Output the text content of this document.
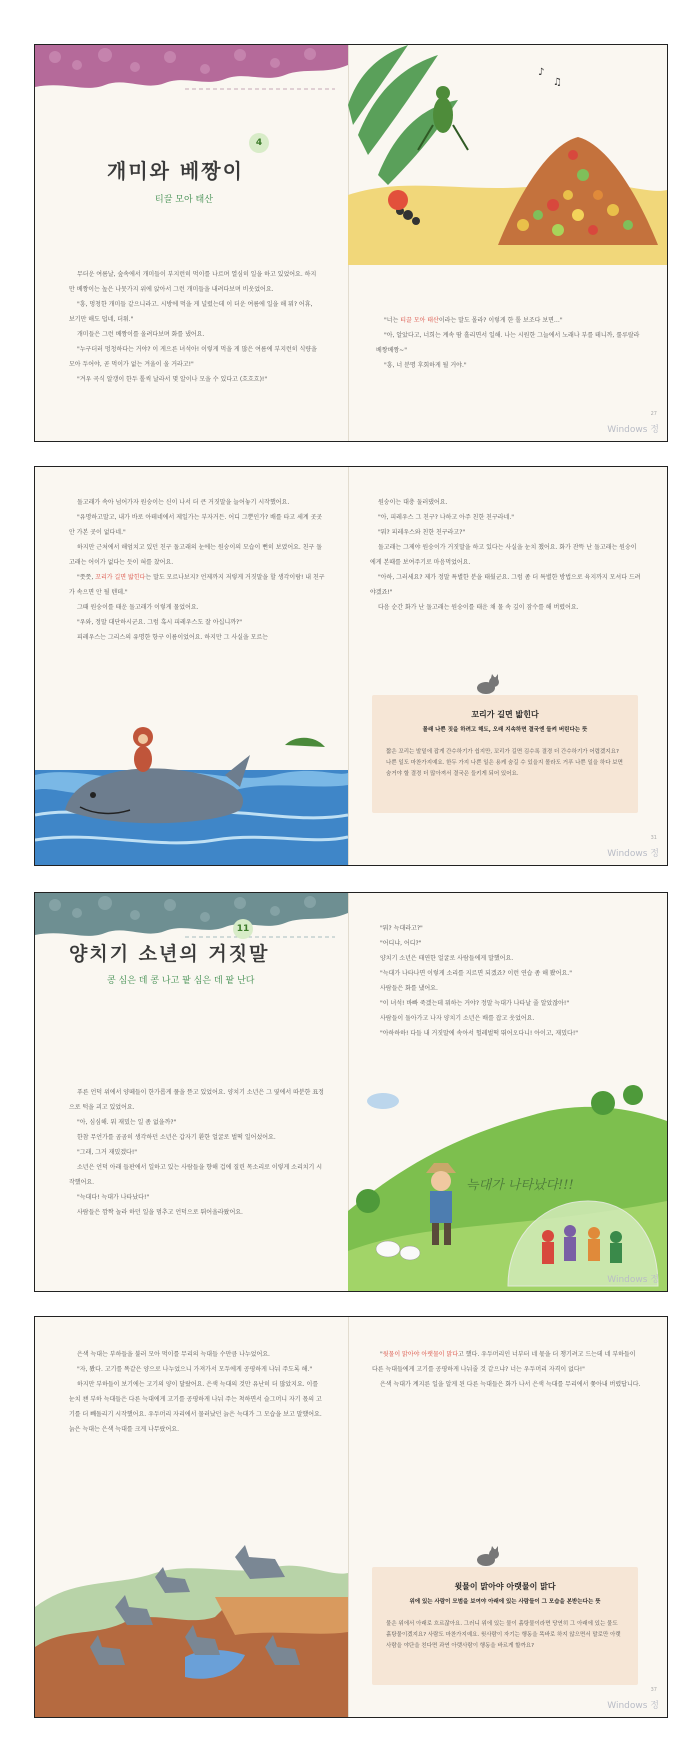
4
개미와 베짱이
티끌 모아 태산

무더운 여름날, 숲속에서 개미들이 부지런히 먹이를 나르며 열심히 일을 하고 있었어요. 하지만 베짱이는 높은 나뭇가지 위에 앉아서 그런 개미들을 내려다보며 비웃었어요.

"흥, 멍청한 개미들 같으니라고. 시방에 먹을 게 널렸는데 이 더운 여름에 일을 해 뭐? 어휴, 보기만 해도 덥네, 더워."

개미들은 그런 베짱이를 올려다보며 화를 냈어요.

"누구더러 멍청하다는 거야? 이 게으른 녀석아! 이렇게 먹을 게 많은 여름에 부지런히 식량을 모아 두어야, 곧 먹이가 없는 겨울이 올 거라고!"

"겨우 곡식 알갱이 한두 톨씩 날라서 몇 알이나 모을 수 있다고 (흐흐흐)!"

♪
♫

"너는 티끌 모아 태산이라는 말도 몰라? 이렇게 한 톨 보조다 보면…"

"아, 알았다고, 너희는 계속 땀 흘리면서 일해. 나는 시원한 그늘에서 노래나 부를 테니까, 룰루랄라 베짱베짱~"

"흥, 너 분명 후회하게 될 거야."

27
Windows 정

돌고래가 속아 넘어가자 원숭이는 신이 나서 더 큰 거짓말을 늘어놓기 시작했어요.

"유명하고말고, 내가 바로 아테네에서 제일가는 부자거든. 어디 그뿐인가? 배를 타고 세계 곳곳 안 가본 곳이 없다네."

하지만 근처에서 해엄치고 있던 친구 돌고래의 눈에는 원숭이의 모습이 뻔히 보였어요. 친구 돌고래는 어이가 없다는 듯이 혀를 찼어요.

"쯧쯧, 꼬리가 길면 밟힌다는 말도 모르나보지? 언제까지 저렇게 거짓말을 할 생각이람! 내 친구가 속으면 안 될 텐데."

그때 원숭이를 태운 돌고래가 이렇게 물었어요.

"우와, 정말 대단하시군요. 그럼 혹시 피레우스도 잘 아십니까?"

피레우스는 그리스의 유명한 항구 이름이었어요. 하지만 그 사실을 모르는

원숭이는 대충 둘러댔어요.

"아, 피레우스 그 친구? 나하고 아주 친한 친구라네."

"뭐? 피레우스와 친한 친구라고?"

돌고래는 그제야 원숭이가 거짓말을 하고 있다는 사실을 눈치 챘어요. 화가 잔뜩 난 돌고래는 원숭이에게 본때를 보여주기로 마음먹었어요.

"아하, 그러세요? 제가 정말 특별한 분을 태웠군요. 그럼 좀 더 특별한 방법으로 육지까지 모셔다 드려야겠죠!"

다음 순간 화가 난 돌고래는 원숭이를 태운 채 물 속 깊이 잠수를 해 버렸어요.

꼬리가 길면 밟힌다
몰래 나쁜 짓을 하려고 해도, 오래 지속하면 결국엔 들켜 버린다는 뜻
짧은 꼬리는 발밑에 잡게 간수하기가 쉽지만, 꼬리가 길면 김수록 결경 더 간수하기가 어렵겠지요? 나쁜 일도 마찬가지예요. 한두 가지 나쁜 일은 용케 숨길 수 있을지 몰라도 거푸 나쁜 일을 하다 보면 숨거야 할 결경 더 많아져서 결국은 들키게 되어 있어요.
31
Windows 정
11
양치기 소년의 거짓말
콩 심은 데 콩 나고 팥 심은 데 팥 난다

푸른 언덕 위에서 양떼들이 한가롭게 풀을 뜯고 있었어요. 양치기 소년은 그 옆에서 따분한 표정으로 턱을 괴고 있었어요.

"아, 심심해. 뭐 재밌는 일 좀 없을까?"

한참 무언가를 곰곰히 생각하던 소년은 갑자기 환한 얼굴로 벌떡 일어섰어요.

"그래, 그거 재밌겠다!"

소년은 언덕 아래 들판에서 일하고 있는 사람들을 향해 겁에 질린 목소리로 이렇게 소리치기 시작했어요.

"늑대다! 늑대가 나타났다!"

사람들은 깜짝 놀라 하던 일을 멈추고 언덕으로 뛰어올라왔어요.

"뭐? 늑대라고?"

"어디냐, 어디?"

양치기 소년은 태연한 얼굴로 사람들에게 말했어요.

"늑대가 나타나면 이렇게 소리를 지르면 되겠죠? 이런 연습 좀 해 봤어요."

사람들은 화를 냈어요.

"이 녀석! 바빠 죽겠는데 뭐하는 거야? 정말 늑대가 나타날 줄 알았잖아!"

사람들이 돌아가고 나자 양치기 소년은 배를 잡고 웃었어요.

"아하하하! 다들 내 거짓말에 속아서 헐레벌떡 뛰어오다니! 아이고, 재밌다!"

늑대가 나타났다!!!
Windows 정

은색 늑대는 부하들을 불러 모아 먹이를 무리의 늑대들 수만큼 나누었어요.

"자, 봤다. 고기를 똑같은 양으로 나누었으니 가져가서 모두에게 공평하게 나눠 주도록 해."

하지만 부하들이 보기에는 고기의 양이 달랐어요. 은색 늑대의 것만 유난히 더 많았지요. 이를 눈치 챈 부하 늑대들은 다른 늑대에게 고기를 공평하게 나눠 주는 척하면서 슬그머니 자기 몫의 고기를 더 빼돌리기 시작했어요. 우두머리 자리에서 물러났던 늙은 늑대가 그 모습을 보고 말했어요. 늙은 늑대는 은색 늑대를 크게 나무랐어요.

"윗물이 맑아야 아랫물이 맑다고 했다. 우두머리인 너부터 네 몫을 더 챙기려고 드는데 네 부하들이 다른 늑대들에게 고기를 공평하게 나눠줄 것 같으냐? 너는 우두머리 자격이 없다!"

은색 늑대가 계지른 일을 알게 된 다른 늑대들은 화가 나서 은색 늑대를 무리에서 쫓아내 버렸답니다.

윗물이 맑아야 아랫물이 맑다
위에 있는 사람이 모범을 보여야 아래에 있는 사람들이 그 모습을 본받는다는 뜻
물은 위에서 아래로 흐르잖아요. 그러니 위에 있는 물이 흙탕물이라면 당연히 그 아래에 있는 물도 흙탕물이겠지요? 사람도 마찬가지예요. 윗사람이 자기는 행동을 똑바로 하지 않으면서 말로만 아랫사람을 야단을 친다면 과연 아랫사람이 행동을 바르게 할까요?
37
Windows 정
